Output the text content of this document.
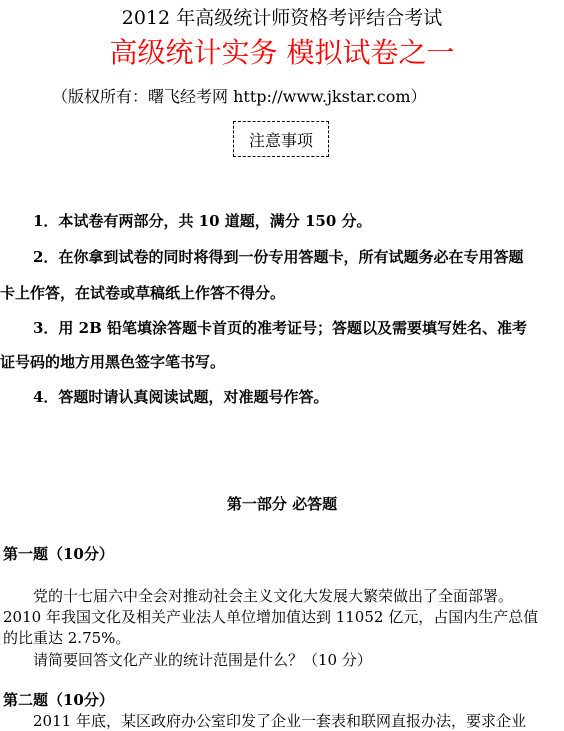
2012 年高级统计师资格考评结合考试
高级统计实务 模拟试卷之一
（版权所有：曙飞经考网 http://www.jkstar.com）
注意事项
1．本试卷有两部分，共 10 道题，满分 150 分。
2．在你拿到试卷的同时将得到一份专用答题卡，所有试题务必在专用答题
卡上作答，在试卷或草稿纸上作答不得分。
3．用 2B 铅笔填涂答题卡首页的准考证号；答题以及需要填写姓名、准考
证号码的地方用黑色签字笔书写。
4．答题时请认真阅读试题，对准题号作答。
第一部分 必答题
第一题（10分）
党的十七届六中全会对推动社会主义文化大发展大繁荣做出了全面部署。
2010 年我国文化及相关产业法人单位增加值达到 11052 亿元，占国内生产总值
的比重达 2.75%。
请简要回答文化产业的统计范围是什么？（10 分）
第二题（10分）
2011 年底，某区政府办公室印发了企业一套表和联网直报办法，要求企业
